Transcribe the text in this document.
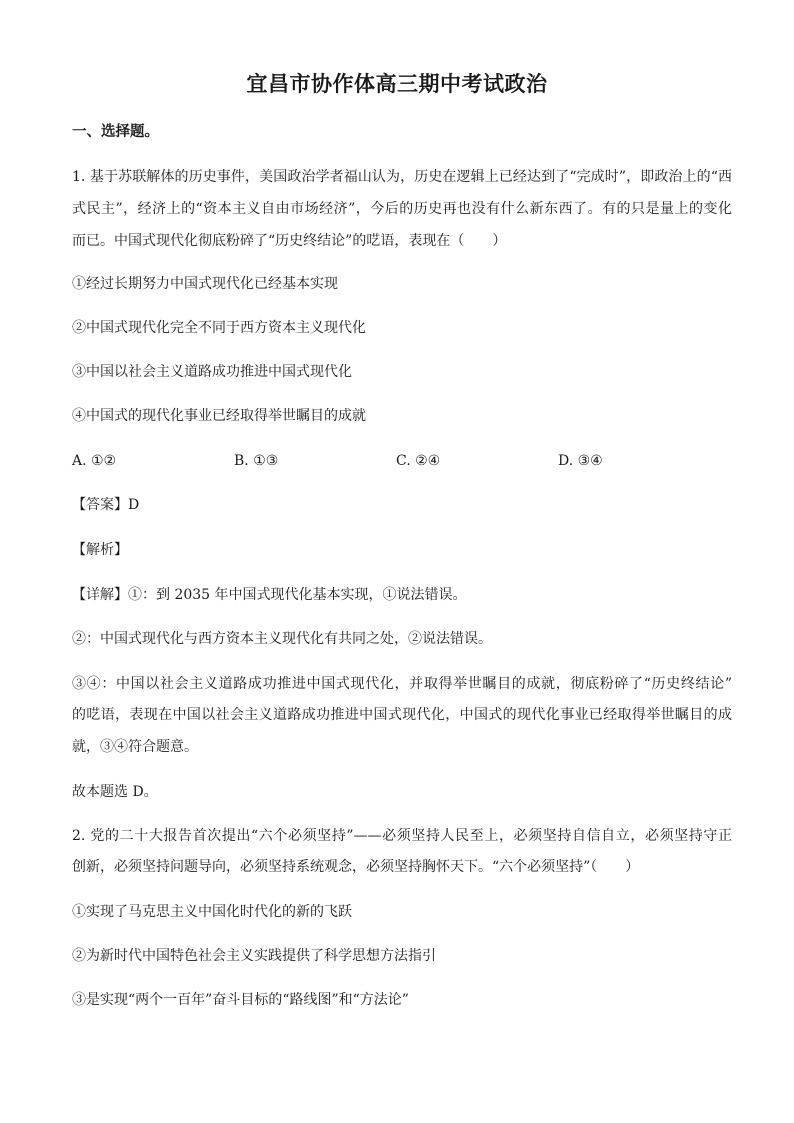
宜昌市协作体高三期中考试政治
一、选择题。
1. 基于苏联解体的历史事件，美国政治学者福山认为，历史在逻辑上已经达到了“完成时”，即政治上的“西
式民主”，经济上的“资本主义自由市场经济”，今后的历史再也没有什么新东西了。有的只是量上的变化
而已。中国式现代化彻底粉碎了“历史终结论”的呓语，表现在（　　）
①经过长期努力中国式现代化已经基本实现
②中国式现代化完全不同于西方资本主义现代化
③中国以社会主义道路成功推进中国式现代化
④中国式的现代化事业已经取得举世瞩目的成就
A. ①②	B. ①③	C. ②④	D. ③④
【答案】D
【解析】
【详解】①：到 2035 年中国式现代化基本实现，①说法错误。
②：中国式现代化与西方资本主义现代化有共同之处，②说法错误。
③④：中国以社会主义道路成功推进中国式现代化，并取得举世瞩目的成就，彻底粉碎了“历史终结论”
的呓语，表现在中国以社会主义道路成功推进中国式现代化，中国式的现代化事业已经取得举世瞩目的成
就，③④符合题意。
故本题选 D。
2. 党的二十大报告首次提出“六个必须坚持”——必须坚持人民至上，必须坚持自信自立，必须坚持守正
创新，必须坚持问题导向，必须坚持系统观念，必须坚持胸怀天下。“六个必须坚持”（　　）
①实现了马克思主义中国化时代化的新的飞跃
②为新时代中国特色社会主义实践提供了科学思想方法指引
③是实现“两个一百年”奋斗目标的“路线图”和“方法论”
